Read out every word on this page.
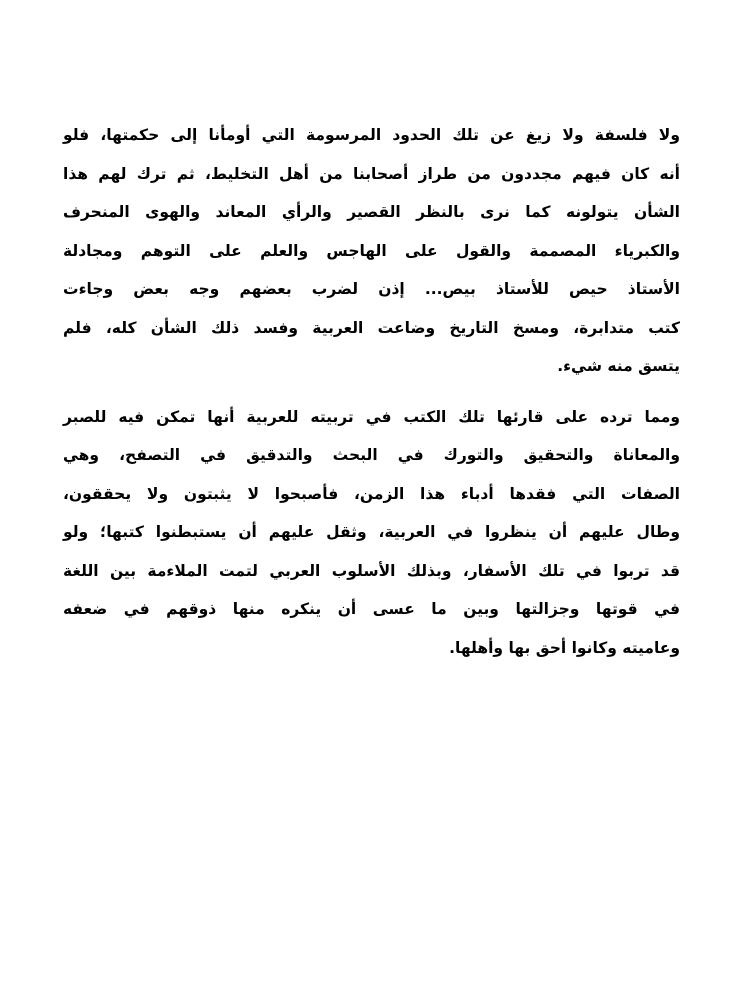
ولا فلسفة ولا زيغ عن تلك الحدود المرسومة التي أومأنا إلى حكمتها، فلو
أنه كان فيهم مجددون من طراز أصحابنا من أهل التخليط، ثم ترك لهم هذا
الشأن يتولونه كما نرى بالنظر القصير والرأي المعاند والهوى المنحرف
والكبرياء المصممة والقول على الهاجس والعلم على التوهم ومجادلة
الأستاذ حيص للأستاذ بيص... إذن لضرب بعضهم وجه بعض وجاءت
كتب متدابرة، ومسخ التاريخ وضاعت العربية وفسد ذلك الشأن كله، فلم
يتسق منه شيء.
ومما ترده على قارئها تلك الكتب في تربيته للعربية أنها تمكن فيه للصبر
والمعاناة والتحقيق والتورك في البحث والتدقيق في التصفح، وهي
الصفات التي فقدها أدباء هذا الزمن، فأصبحوا لا يثبتون ولا يحققون،
وطال عليهم أن ينظروا في العربية، وثقل عليهم أن يستبطنوا كتبها؛ ولو
قد تربوا في تلك الأسفار، وبذلك الأسلوب العربي لتمت الملاءمة بين اللغة
في قوتها وجزالتها وبين ما عسى أن ينكره منها ذوقهم في ضعفه
وعاميته وكانوا أحق بها وأهلها.
